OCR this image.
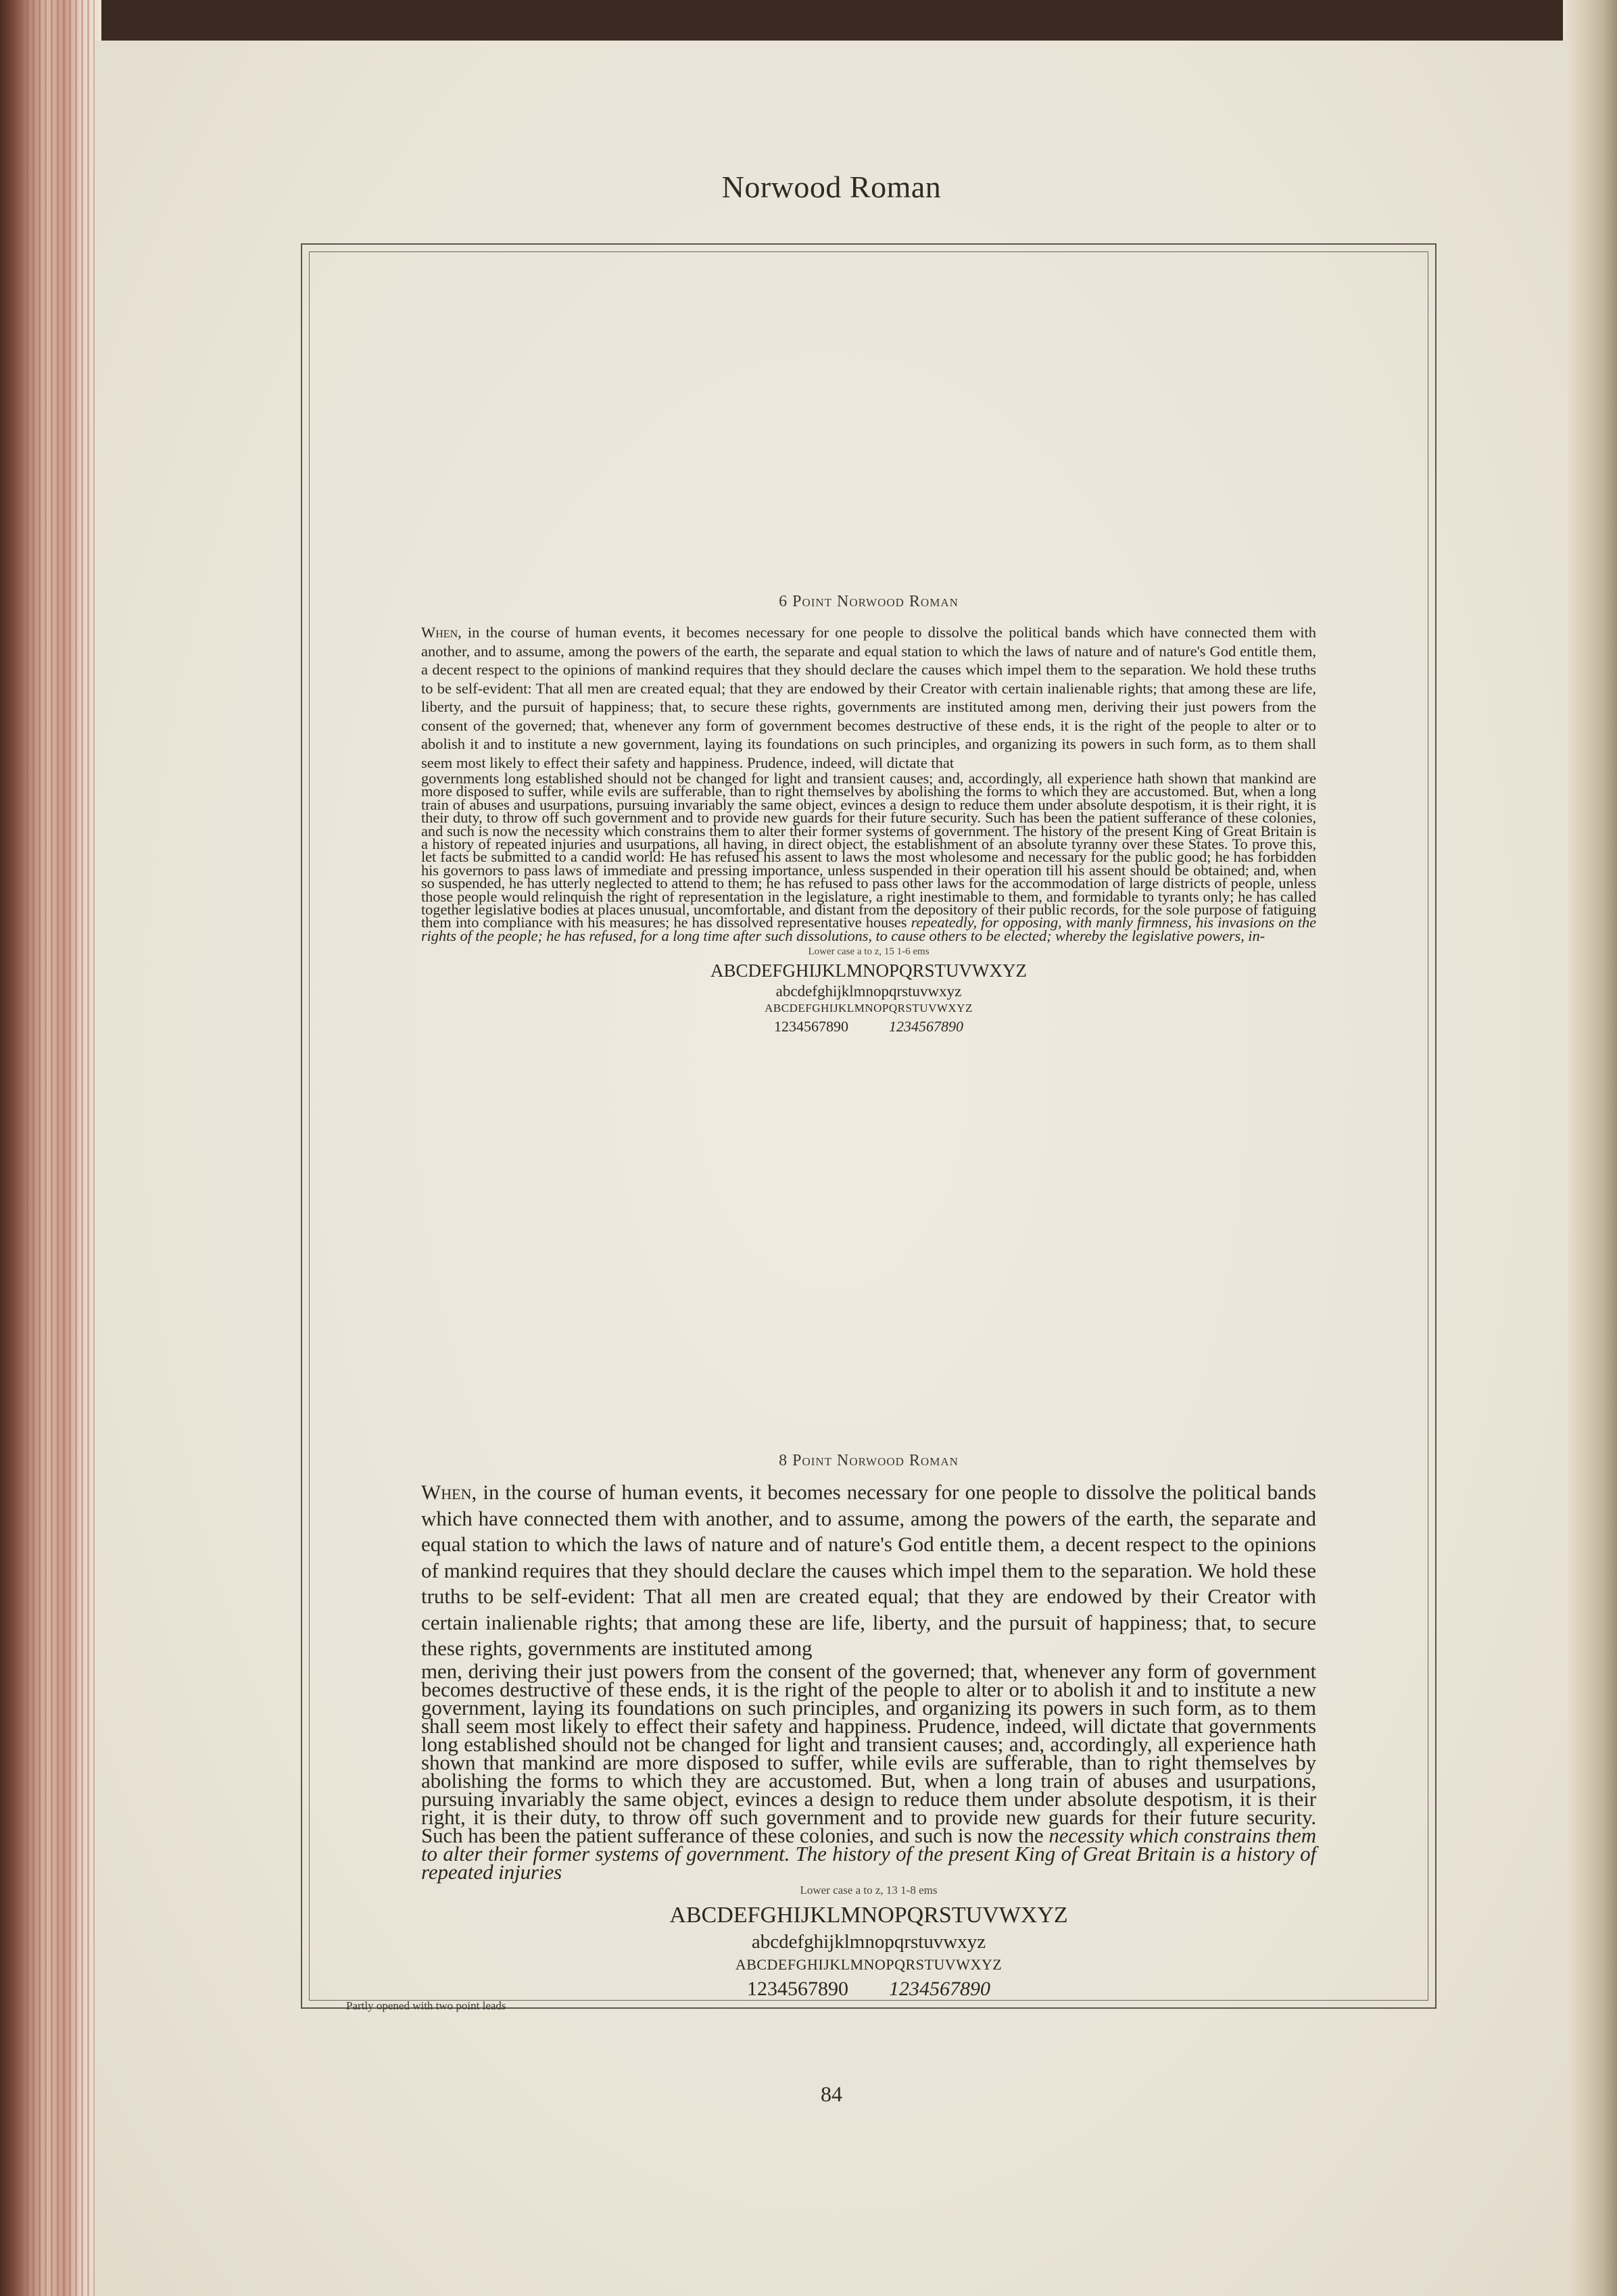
Norwood Roman
6 Point Norwood Roman
When, in the course of human events, it becomes necessary for one people to dissolve the political bands which have connected them with another, and to assume, among the powers of the earth, the separate and equal station to which the laws of nature and of nature's God entitle them, a decent respect to the opinions of mankind requires that they should declare the causes which impel them to the separation. We hold these truths to be self-evident: That all men are created equal; that they are endowed by their Creator with certain inalienable rights; that among these are life, liberty, and the pursuit of happiness; that, to secure these rights, governments are instituted among men, deriving their just powers from the consent of the governed; that, whenever any form of government becomes destructive of these ends, it is the right of the people to alter or to abolish it and to institute a new government, laying its foundations on such principles, and organizing its powers in such form, as to them shall seem most likely to effect their safety and happiness. Prudence, indeed, will dictate that
governments long established should not be changed for light and transient causes; and, accordingly, all experience hath shown that mankind are more disposed to suffer, while evils are sufferable, than to right themselves by abolishing the forms to which they are accustomed. But, when a long train of abuses and usurpations, pursuing invariably the same object, evinces a design to reduce them under absolute despotism, it is their right, it is their duty, to throw off such government and to provide new guards for their future security. Such has been the patient sufferance of these colonies, and such is now the necessity which constrains them to alter their former systems of government. The history of the present King of Great Britain is a history of repeated injuries and usurpations, all having, in direct object, the establishment of an absolute tyranny over these States. To prove this, let facts be submitted to a candid world: He has refused his assent to laws the most wholesome and necessary for the public good; he has forbidden his governors to pass laws of immediate and pressing importance, unless suspended in their operation till his assent should be obtained; and, when so suspended, he has utterly neglected to attend to them; he has refused to pass other laws for the accommodation of large districts of people, unless those people would relinquish the right of representation in the legislature, a right inestimable to them, and formidable to tyrants only; he has called together legislative bodies at places unusual, uncomfortable, and distant from the depository of their public records, for the sole purpose of fatiguing them into compliance with his measures; he has dissolved representative houses repeatedly, for opposing, with manly firmness, his invasions on the rights of the people; he has refused, for a long time after such dissolutions, to cause others to be elected; whereby the legislative powers, in-
Lower case a to z, 15 1-6 ems
ABCDEFGHIJKLMNOPQRSTUVWXYZ
abcdefghijklmnopqrstuvwxyz
ABCDEFGHIJKLMNOPQRSTUVWXYZ
1234567890	1234567890
8 Point Norwood Roman
When, in the course of human events, it becomes necessary for one people to dissolve the political bands which have connected them with another, and to assume, among the powers of the earth, the separate and equal station to which the laws of nature and of nature's God entitle them, a decent respect to the opinions of mankind requires that they should declare the causes which impel them to the separation. We hold these truths to be self-evident: That all men are created equal; that they are endowed by their Creator with certain inalienable rights; that among these are life, liberty, and the pursuit of happiness; that, to secure these rights, governments are instituted among
men, deriving their just powers from the consent of the governed; that, whenever any form of government becomes destructive of these ends, it is the right of the people to alter or to abolish it and to institute a new government, laying its foundations on such principles, and organizing its powers in such form, as to them shall seem most likely to effect their safety and happiness. Prudence, indeed, will dictate that governments long established should not be changed for light and transient causes; and, accordingly, all experience hath shown that mankind are more disposed to suffer, while evils are sufferable, than to right themselves by abolishing the forms to which they are accustomed. But, when a long train of abuses and usurpations, pursuing invariably the same object, evinces a design to reduce them under absolute despotism, it is their right, it is their duty, to throw off such government and to provide new guards for their future security. Such has been the patient sufferance of these colonies, and such is now the necessity which constrains them to alter their former systems of government. The history of the present King of Great Britain is a history of repeated injuries
Lower case a to z, 13 1-8 ems
ABCDEFGHIJKLMNOPQRSTUVWXYZ
abcdefghijklmnopqrstuvwxyz
ABCDEFGHIJKLMNOPQRSTUVWXYZ
1234567890 1234567890
Partly opened with two point leads
84
